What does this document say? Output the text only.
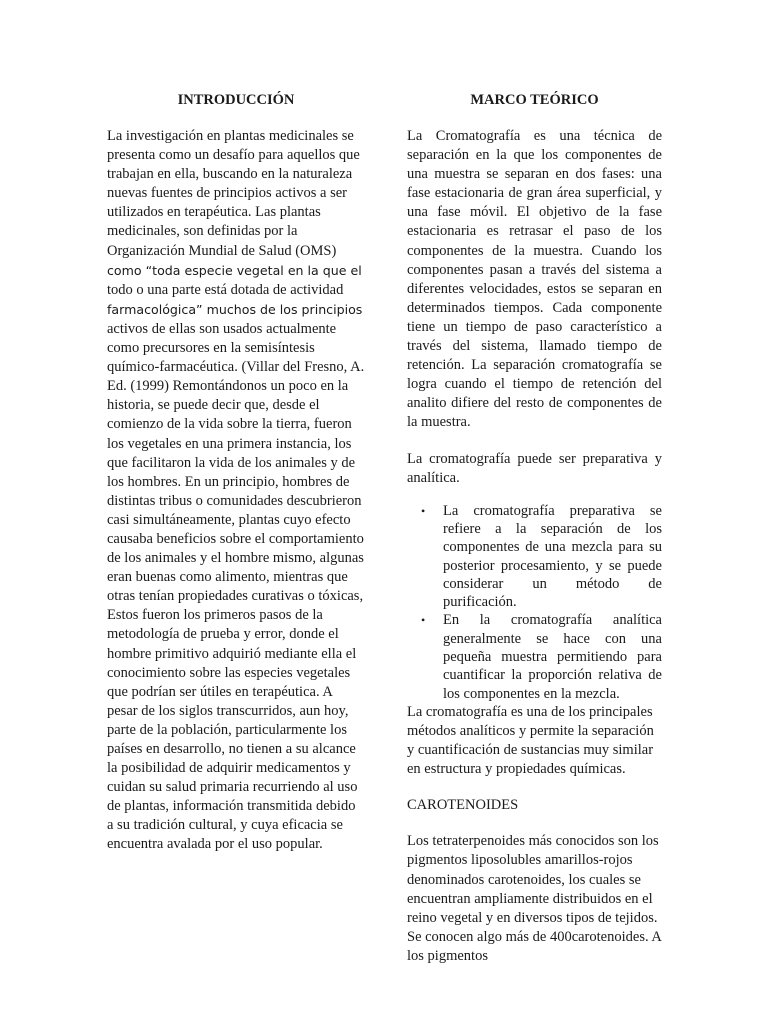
INTRODUCCIÓN

La investigación en plantas medicinales se presenta como un desafío para aquellos que trabajan en ella, buscando en la naturaleza nuevas fuentes de principios activos a ser utilizados en terapéutica. Las plantas medicinales, son definidas por la Organización Mundial de Salud (OMS)
como “toda especie vegetal en la que el
todo o una parte está dotada de actividad
farmacológica” muchos de los principios activos de ellas son usados actualmente como precursores en la semisíntesis químico-farmacéutica. (Villar del Fresno, A. Ed. (1999) Remontándonos un poco en la historia, se puede decir que, desde el comienzo de la vida sobre la tierra, fueron los vegetales en una primera instancia, los que facilitaron la vida de los animales y de los hombres. En un principio, hombres de distintas tribus o comunidades descubrieron casi simultáneamente, plantas cuyo efecto causaba beneficios sobre el comportamiento de los animales y el hombre mismo, algunas eran buenas como alimento, mientras que otras tenían propiedades curativas o tóxicas, Estos fueron los primeros pasos de la metodología de prueba y error, donde el hombre primitivo adquirió mediante ella el conocimiento sobre las especies vegetales que podrían ser útiles en terapéutica. A pesar de los siglos transcurridos, aun hoy, parte de la población, particularmente los países en desarrollo, no tienen a su alcance la posibilidad de adquirir medicamentos y cuidan su salud primaria recurriendo al uso de plantas, información transmitida debido a su tradición cultural, y cuya eficacia se encuentra avalada por el uso popular.

MARCO TEÓRICO

La Cromatografía es una técnica de separación en la que los componentes de una muestra se separan en dos fases: una fase estacionaria de gran área superficial, y una fase móvil. El objetivo de la fase estacionaria es retrasar el paso de los componentes de la muestra. Cuando los componentes pasan a través del sistema a diferentes velocidades, estos se separan en determinados tiempos. Cada componente tiene un tiempo de paso característico a través del sistema, llamado tiempo de retención. La separación cromatografía se logra cuando el tiempo de retención del analito difiere del resto de componentes de la muestra.

La cromatografía puede ser preparativa y analítica.

• La cromatografía preparativa se refiere a la separación de los componentes de una mezcla para su posterior procesamiento, y se puede considerar un método de purificación.
• En la cromatografía analítica generalmente se hace con una pequeña muestra permitiendo para cuantificar la proporción relativa de los componentes en la mezcla.

La cromatografía es una de los principales métodos analíticos y permite la separación y cuantificación de sustancias muy similar en estructura y propiedades químicas.

CAROTENOIDES

Los tetraterpenoides más conocidos son los pigmentos liposolubles amarillos-rojos denominados carotenoides, los cuales se encuentran ampliamente distribuidos en el reino vegetal y en diversos tipos de tejidos. Se conocen algo más de 400carotenoides. A los pigmentos
